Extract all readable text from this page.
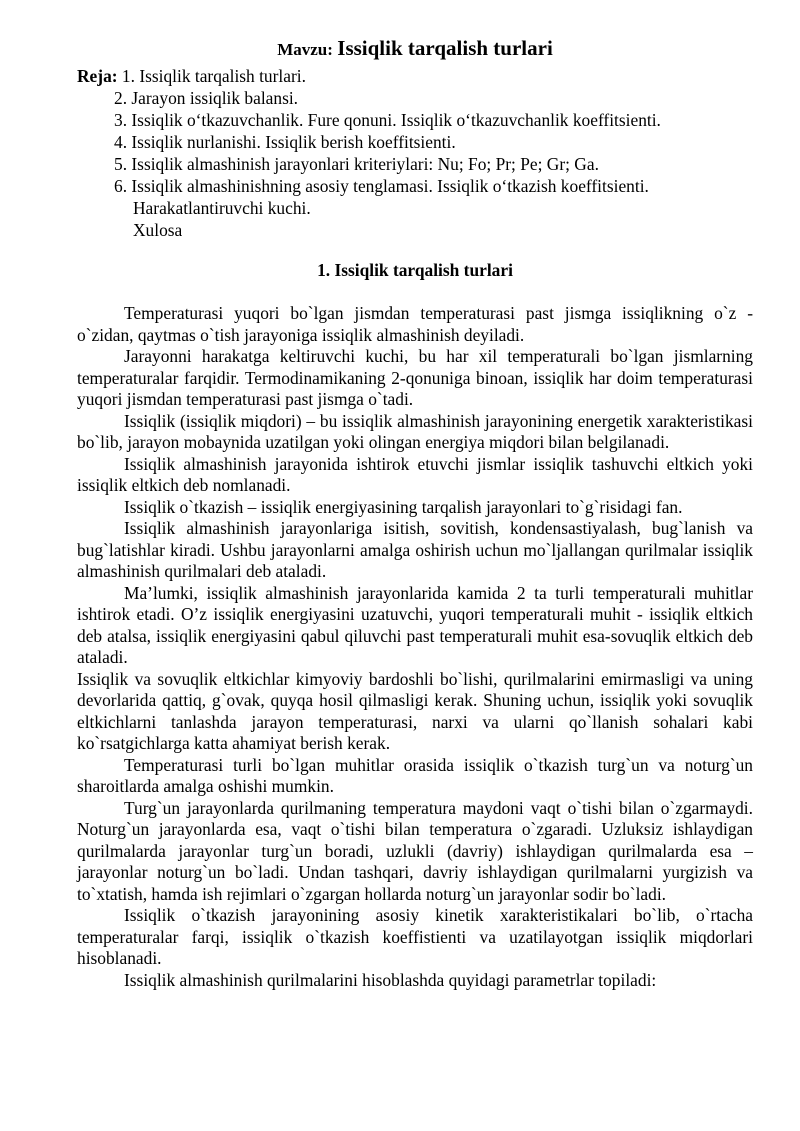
Mavzu: Issiqlik tarqalish turlari
Reja: 1. Issiqlik tarqalish turlari.
2. Jarayon issiqlik balansi.
3. Issiqlik o‘tkazuvchanlik. Fure qonuni. Issiqlik o‘tkazuvchanlik koeffitsienti.
4. Issiqlik nurlanishi. Issiqlik berish koeffitsienti.
5. Issiqlik almashinish jarayonlari kriteriylari: Nu; Fo; Pr; Pe; Gr; Ga.
6. Issiqlik almashinishning asosiy tenglamasi. Issiqlik o‘tkazish koeffitsienti.
Harakatlantiruvchi kuchi.
Xulosa
1. Issiqlik tarqalish turlari

Temperaturasi yuqori bo`lgan jismdan temperaturasi past jismga issiqlikning o`z - o`zidan, qaytmas o`tish jarayoniga issiqlik almashinish deyiladi.

Jarayonni harakatga keltiruvchi kuchi, bu har xil temperaturali bo`lgan jismlarning temperaturalar farqidir. Termodinamikaning 2-qonuniga binoan, issiqlik har doim temperaturasi yuqori jismdan temperaturasi past jismga o`tadi.

Issiqlik (issiqlik miqdori) – bu issiqlik almashinish jarayonining energetik xarakteristikasi bo`lib, jarayon mobaynida uzatilgan yoki olingan energiya miqdori bilan belgilanadi.

Issiqlik almashinish jarayonida ishtirok etuvchi jismlar issiqlik tashuvchi eltkich yoki issiqlik eltkich deb nomlanadi.

Issiqlik o`tkazish – issiqlik energiyasining tarqalish jarayonlari to`g`risidagi fan.

Issiqlik almashinish jarayonlariga isitish, sovitish, kondensastiyalash, bug`lanish va bug`latishlar kiradi. Ushbu jarayonlarni amalga oshirish uchun mo`ljallangan qurilmalar issiqlik almashinish qurilmalari deb ataladi.

Ma’lumki, issiqlik almashinish jarayonlarida kamida 2 ta turli temperaturali muhitlar ishtirok etadi. O’z issiqlik energiyasini uzatuvchi, yuqori temperaturali muhit - issiqlik eltkich deb atalsa, issiqlik energiyasini qabul qiluvchi past temperaturali muhit esa-sovuqlik eltkich deb ataladi.

Issiqlik va sovuqlik eltkichlar kimyoviy bardoshli bo`lishi, qurilmalarini emirmasligi va uning devorlarida qattiq, g`ovak, quyqa hosil qilmasligi kerak. Shuning uchun, issiqlik yoki sovuqlik eltkichlarni tanlashda jarayon temperaturasi, narxi va ularni qo`llanish sohalari kabi ko`rsatgichlarga katta ahamiyat berish kerak.

Temperaturasi turli bo`lgan muhitlar orasida issiqlik o`tkazish turg`un va noturg`un sharoitlarda amalga oshishi mumkin.

Turg`un jarayonlarda qurilmaning temperatura maydoni vaqt o`tishi bilan o`zgarmaydi. Noturg`un jarayonlarda esa, vaqt o`tishi bilan temperatura o`zgaradi. Uzluksiz ishlaydigan qurilmalarda jarayonlar turg`un boradi, uzlukli (davriy) ishlaydigan qurilmalarda esa – jarayonlar noturg`un bo`ladi. Undan tashqari, davriy ishlaydigan qurilmalarni yurgizish va to`xtatish, hamda ish rejimlari o`zgargan hollarda noturg`un jarayonlar sodir bo`ladi.

Issiqlik o`tkazish jarayonining asosiy kinetik xarakteristikalari bo`lib, o`rtacha temperaturalar farqi, issiqlik o`tkazish koeffistienti va uzatilayotgan issiqlik miqdorlari hisoblanadi.

Issiqlik almashinish qurilmalarini hisoblashda quyidagi parametrlar topiladi:
